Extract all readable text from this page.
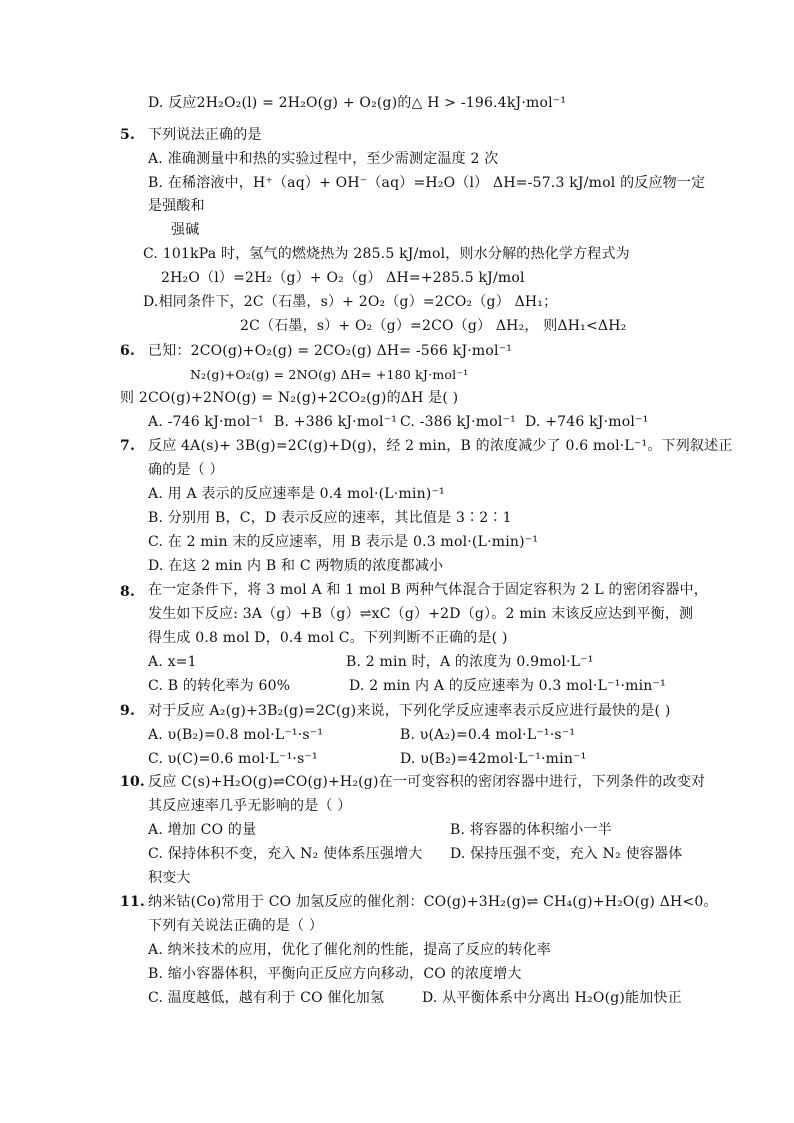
D. 反应2H₂O₂(l) = 2H₂O(g) + O₂(g)的△ H > -196.4kJ·mol⁻¹
5. 下列说法正确的是
A. 准确测量中和热的实验过程中，至少需测定温度 2 次
B. 在稀溶液中，H⁺（aq）+ OH⁻（aq）=H₂O（l） ΔH=-57.3 kJ/mol 的反应物一定
是强酸和
强碱
C. 101kPa 时，氢气的燃烧热为 285.5 kJ/mol，则水分解的热化学方程式为
2H₂O（l）=2H₂（g）+ O₂（g） ΔH=+285.5 kJ/mol
D.相同条件下，2C（石墨，s）+ 2O₂（g）=2CO₂（g） ΔH₁；
2C（石墨，s）+ O₂（g）=2CO（g） ΔH₂， 则ΔH₁<ΔH₂
6. 已知：2CO(g)+O₂(g) = 2CO₂(g) ΔH= -566 kJ·mol⁻¹
N₂(g)+O₂(g) = 2NO(g) ΔH= +180 kJ·mol⁻¹
则 2CO(g)+2NO(g) = N₂(g)+2CO₂(g)的ΔH 是( )
A. -746 kJ·mol⁻¹ B. +386 kJ·mol⁻¹ C. -386 kJ·mol⁻¹ D. +746 kJ·mol⁻¹
7. 反应 4A(s)+ 3B(g)=2C(g)+D(g)，经 2 min，B 的浓度减少了 0.6 mol·L⁻¹。下列叙述正
确的是（ ）
A. 用 A 表示的反应速率是 0.4 mol·(L·min)⁻¹
B. 分别用 B，C，D 表示反应的速率，其比值是 3∶2∶1
C. 在 2 min 末的反应速率，用 B 表示是 0.3 mol·(L·min)⁻¹
D. 在这 2 min 内 B 和 C 两物质的浓度都减小
8. 在一定条件下，将 3 mol A 和 1 mol B 两种气体混合于固定容积为 2 L 的密闭容器中，
发生如下反应: 3A（g）+B（g）⇌xC（g）+2D（g）。2 min 末该反应达到平衡，测
得生成 0.8 mol D，0.4 mol C。下列判断不正确的是( )
A. x=1	B. 2 min 时，A 的浓度为 0.9mol·L⁻¹
C. B 的转化率为 60%	D. 2 min 内 A 的反应速率为 0.3 mol·L⁻¹·min⁻¹
9. 对于反应 A₂(g)+3B₂(g)=2C(g)来说，下列化学反应速率表示反应进行最快的是( )
A. υ(B₂)=0.8 mol·L⁻¹·s⁻¹	B. υ(A₂)=0.4 mol·L⁻¹·s⁻¹
C. υ(C)=0.6 mol·L⁻¹·s⁻¹	D. υ(B₂)=42mol·L⁻¹·min⁻¹
10. 反应 C(s)+H₂O(g)⇌CO(g)+H₂(g)在一可变容积的密闭容器中进行，下列条件的改变对
其反应速率几乎无影响的是（ ）
A. 增加 CO 的量	B. 将容器的体积缩小一半
C. 保持体积不变，充入 N₂ 使体系压强增大 D. 保持压强不变，充入 N₂ 使容器体
积变大
11. 纳米钴(Co)常用于 CO 加氢反应的催化剂：CO(g)+3H₂(g)⇌ CH₄(g)+H₂O(g) ΔH<0。
下列有关说法正确的是（ ）
A. 纳米技术的应用，优化了催化剂的性能，提高了反应的转化率
B. 缩小容器体积，平衡向正反应方向移动，CO 的浓度增大
C. 温度越低，越有利于 CO 催化加氢	D. 从平衡体系中分离出 H₂O(g)能加快正
